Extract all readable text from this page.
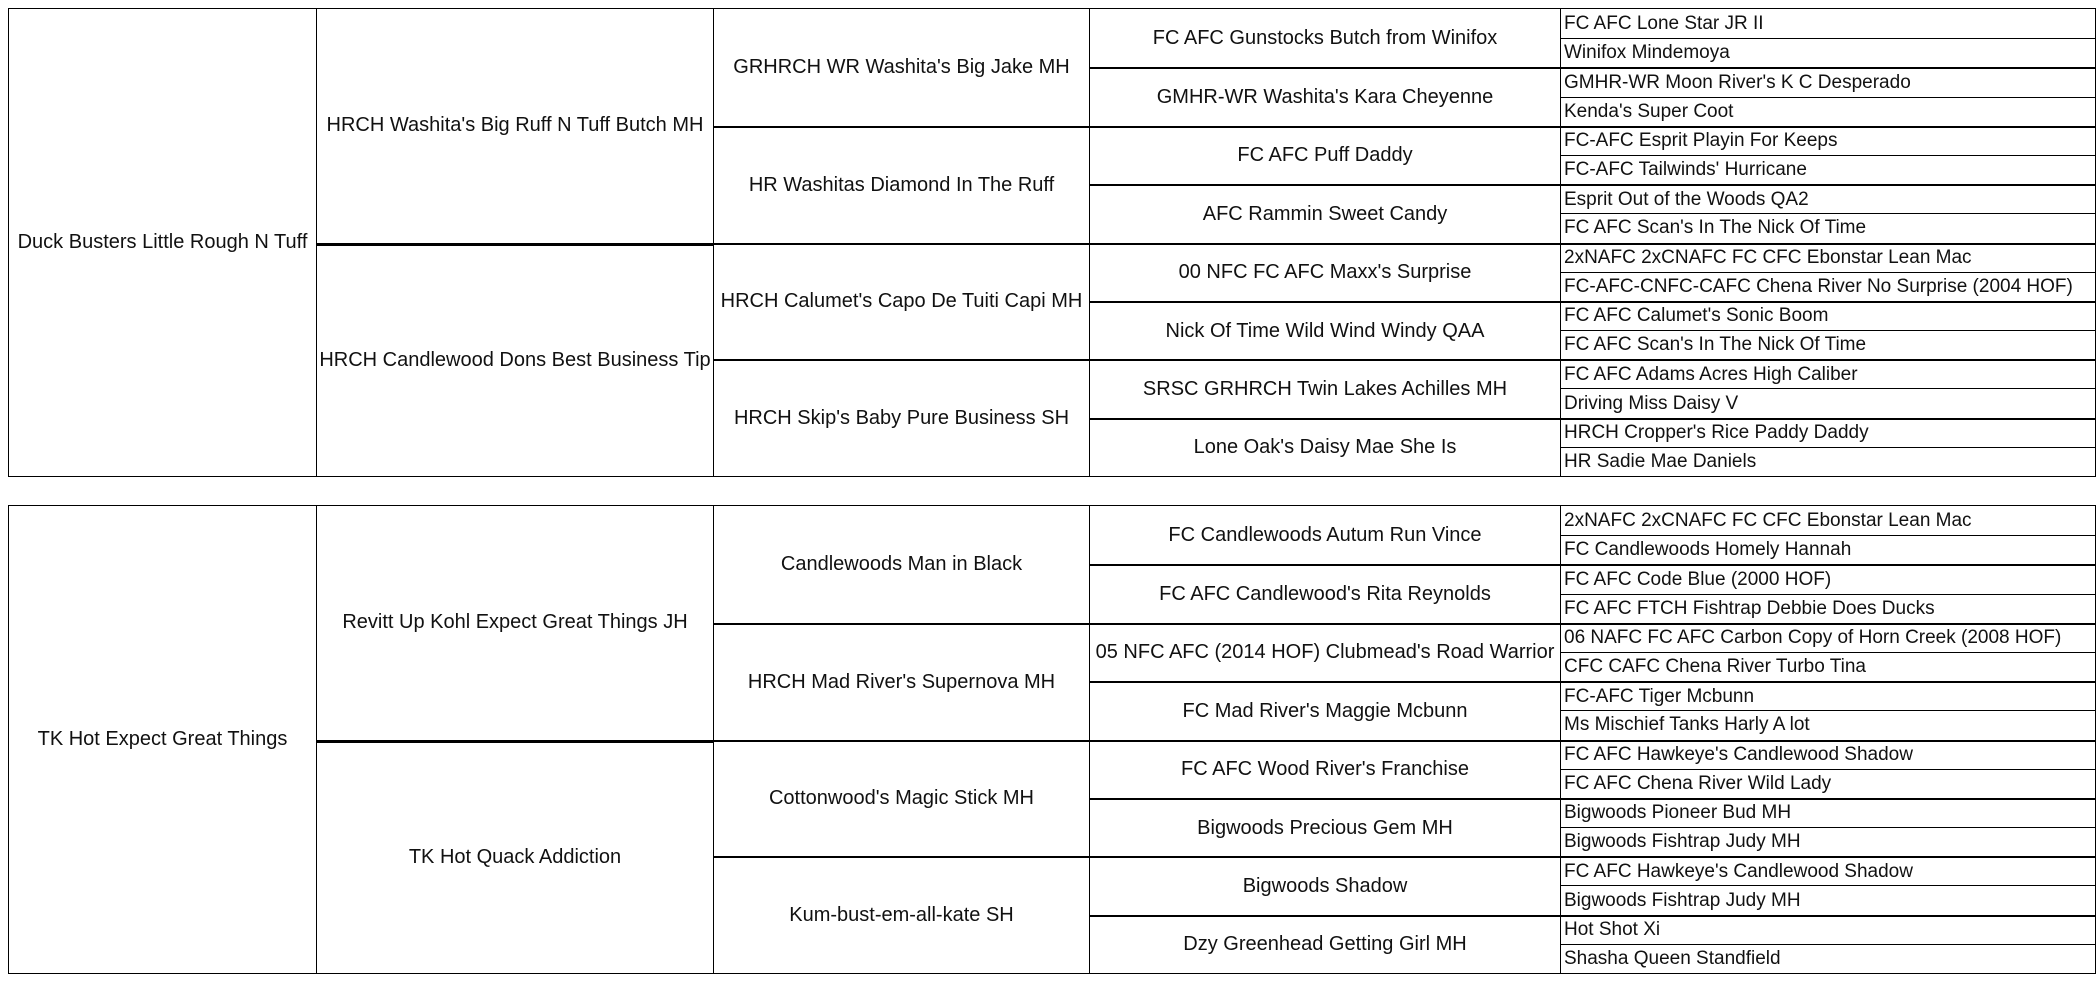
Duck Busters Little Rough N Tuff
HRCH Washita's Big Ruff N Tuff Butch MH
HRCH Candlewood Dons Best Business Tip
GRHRCH WR Washita's Big Jake MH
HR Washitas Diamond In The Ruff
HRCH Calumet's Capo De Tuiti Capi MH
HRCH Skip's Baby Pure Business SH
FC AFC Gunstocks Butch from Winifox
GMHR-WR Washita's Kara Cheyenne
FC AFC Puff Daddy
AFC Rammin Sweet Candy
00 NFC FC AFC Maxx's Surprise
Nick Of Time Wild Wind Windy QAA
SRSC GRHRCH Twin Lakes Achilles MH
Lone Oak's Daisy Mae She Is
FC AFC Lone Star JR II
Winifox Mindemoya
GMHR-WR Moon River's K C Desperado
Kenda's Super Coot
FC-AFC Esprit Playin For Keeps
FC-AFC Tailwinds' Hurricane
Esprit Out of the Woods QA2
FC AFC Scan's In The Nick Of Time
2xNAFC 2xCNAFC FC CFC Ebonstar Lean Mac
FC-AFC-CNFC-CAFC Chena River No Surprise (2004 HOF)
FC AFC Calumet's Sonic Boom
FC AFC Scan's In The Nick Of Time
FC AFC Adams Acres High Caliber
Driving Miss Daisy V
HRCH Cropper's Rice Paddy Daddy
HR Sadie Mae Daniels
TK Hot Expect Great Things
Revitt Up Kohl Expect Great Things JH
TK Hot Quack Addiction
Candlewoods Man in Black
HRCH Mad River's Supernova MH
Cottonwood's Magic Stick MH
Kum-bust-em-all-kate SH
FC Candlewoods Autum Run Vince
FC AFC Candlewood's Rita Reynolds
05 NFC AFC (2014 HOF) Clubmead's Road Warrior
FC Mad River's Maggie Mcbunn
FC AFC Wood River's Franchise
Bigwoods Precious Gem MH
Bigwoods Shadow
Dzy Greenhead Getting Girl MH
2xNAFC 2xCNAFC FC CFC Ebonstar Lean Mac
FC Candlewoods Homely Hannah
FC AFC Code Blue (2000 HOF)
FC AFC FTCH Fishtrap Debbie Does Ducks
06 NAFC FC AFC Carbon Copy of Horn Creek (2008 HOF)
CFC CAFC Chena River Turbo Tina
FC-AFC Tiger Mcbunn
Ms Mischief Tanks Harly A lot
FC AFC Hawkeye's Candlewood Shadow
FC AFC Chena River Wild Lady
Bigwoods Pioneer Bud MH
Bigwoods Fishtrap Judy MH
FC AFC Hawkeye's Candlewood Shadow
Bigwoods Fishtrap Judy MH
Hot Shot Xi
Shasha Queen Standfield
